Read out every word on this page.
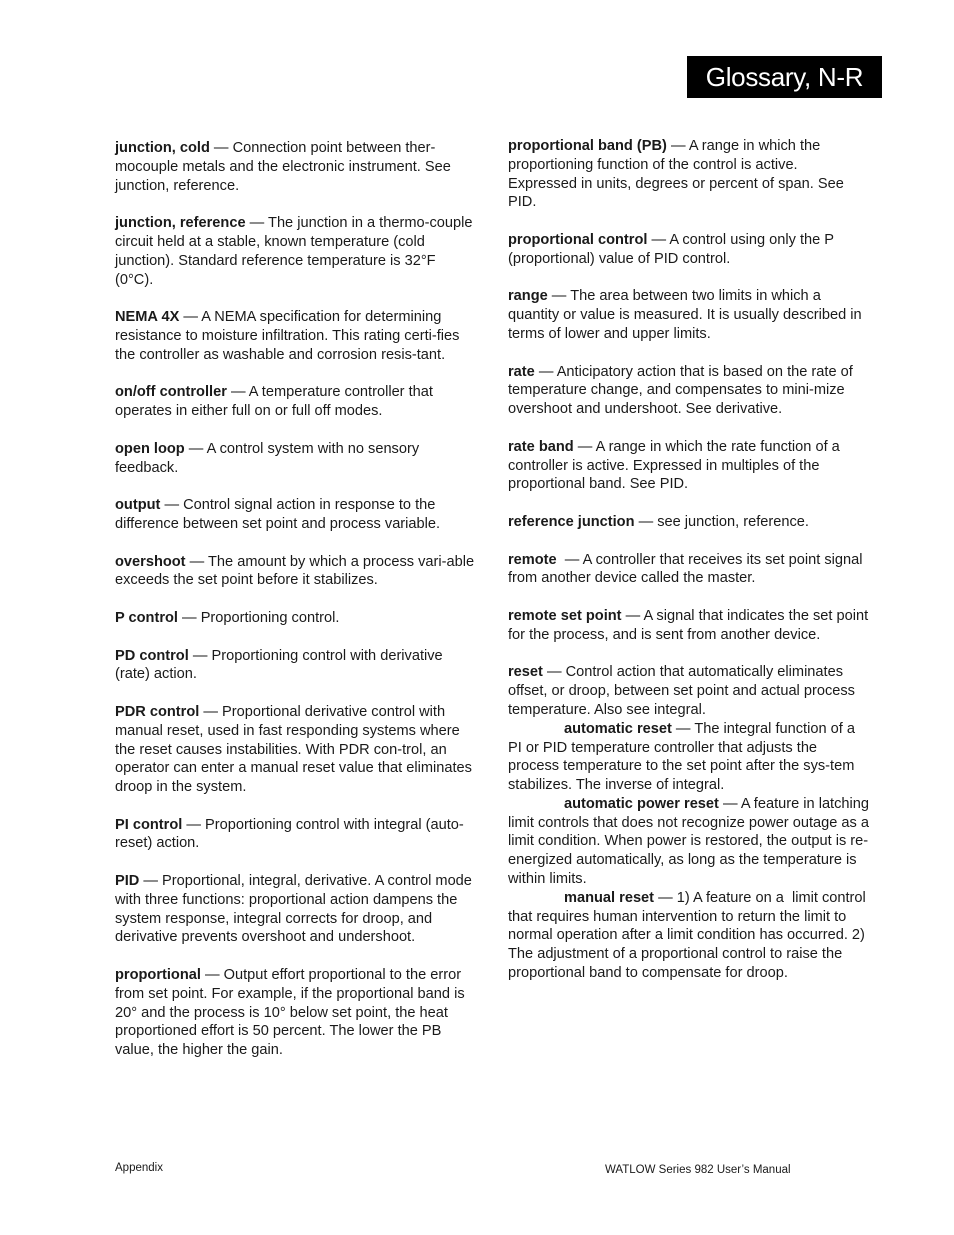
Glossary, N-R

junction, cold — Connection point between ther-mocouple metals and the electronic instrument. See junction, reference.

junction, reference — The junction in a thermo-couple circuit held at a stable, known temperature (cold junction). Standard reference temperature is 32°F (0°C).

NEMA 4X — A NEMA specification for determining resistance to moisture infiltration. This rating certi-fies the controller as washable and corrosion resis-tant.

on/off controller — A temperature controller that operates in either full on or full off modes.

open loop — A control system with no sensory feedback.

output — Control signal action in response to the difference between set point and process variable.

overshoot — The amount by which a process vari-able exceeds the set point before it stabilizes.

P control — Proportioning control.

PD control — Proportioning control with derivative (rate) action.

PDR control — Proportional derivative control with manual reset, used in fast responding systems where the reset causes instabilities. With PDR con-trol, an operator can enter a manual reset value that eliminates droop in the system.

PI control — Proportioning control with integral (auto-reset) action.

PID — Proportional, integral, derivative. A control mode with three functions: proportional action dampens the system response, integral corrects for droop, and derivative prevents overshoot and undershoot.

proportional — Output effort proportional to the error from set point. For example, if the proportional band is 20° and the process is 10° below set point, the heat proportioned effort is 50 percent. The lower the PB value, the higher the gain.

proportional band (PB) — A range in which the proportioning function of the control is active. Expressed in units, degrees or percent of span. See PID.

proportional control — A control using only the P (proportional) value of PID control.

range — The area between two limits in which a quantity or value is measured. It is usually described in terms of lower and upper limits.

rate — Anticipatory action that is based on the rate of temperature change, and compensates to mini-mize overshoot and undershoot. See derivative.

rate band — A range in which the rate function of a controller is active. Expressed in multiples of the proportional band. See PID.

reference junction — see junction, reference.

remote  — A controller that receives its set point signal from another device called the master.

remote set point — A signal that indicates the set point for the process, and is sent from another device.

reset — Control action that automatically eliminates offset, or droop, between set point and actual process temperature. Also see integral.

automatic reset — The integral function of a PI or PID temperature controller that adjusts the process temperature to the set point after the sys-tem stabilizes. The inverse of integral.

automatic power reset — A feature in latching limit controls that does not recognize power outage as a limit condition. When power is restored, the output is re-energized automatically, as long as the temperature is within limits.

manual reset — 1) A feature on a  limit control that requires human intervention to return the limit to normal operation after a limit condition has occurred. 2) The adjustment of a proportional control to raise the proportional band to compensate for droop.

Appendix	WATLOW Series 982 User’s Manual
